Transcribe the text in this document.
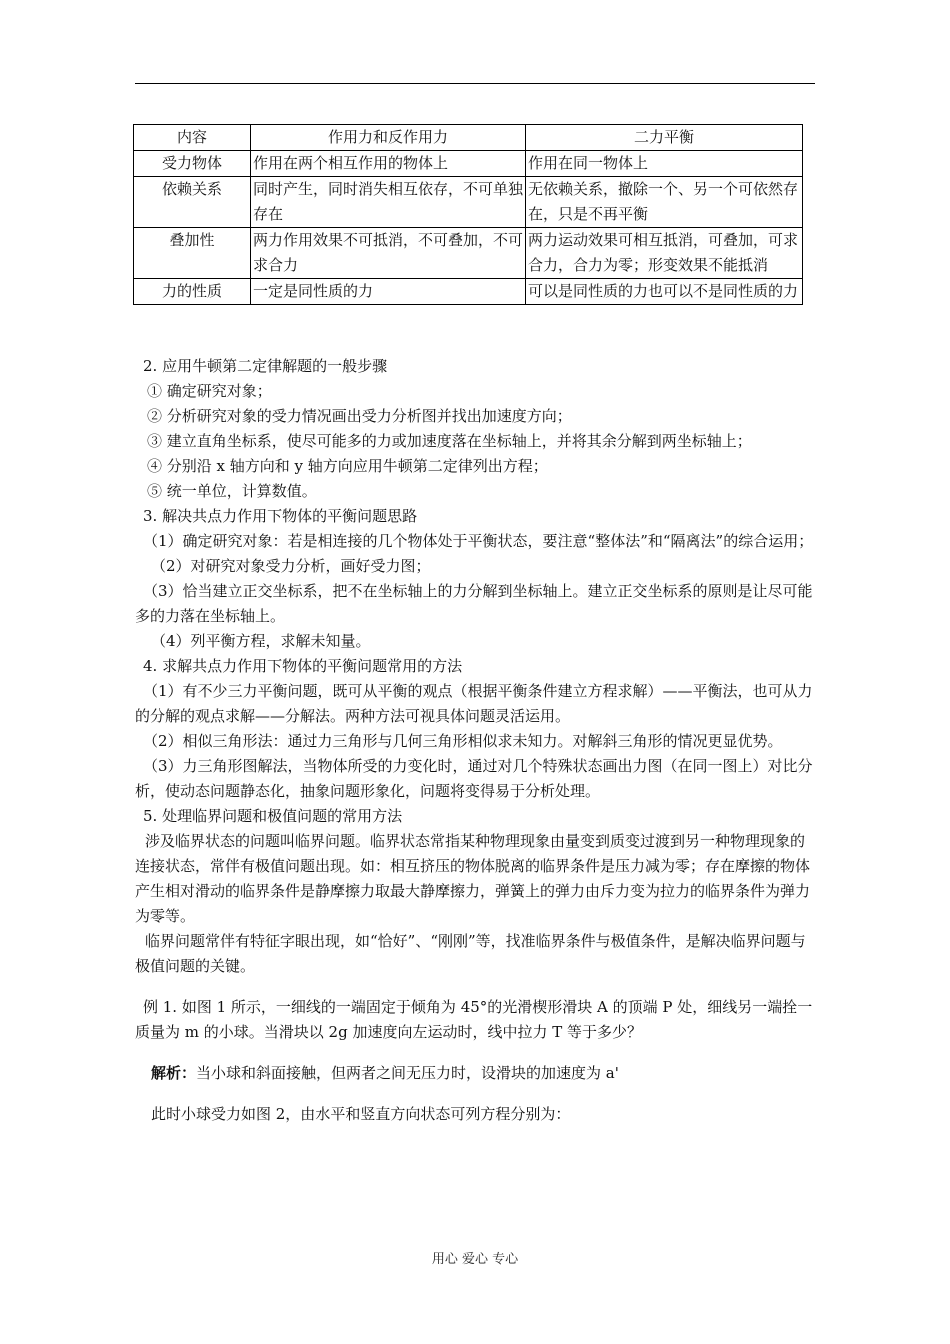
内容	作用力和反作用力	二力平衡
受力物体	作用在两个相互作用的物体上	作用在同一物体上
依赖关系	同时产生，同时消失相互依存，不可单独存在	无依赖关系，撤除一个、另一个可依然存在，只是不再平衡
叠加性	两力作用效果不可抵消，不可叠加，不可求合力	两力运动效果可相互抵消，可叠加，可求合力，合力为零；形变效果不能抵消
力的性质	一定是同性质的力	可以是同性质的力也可以不是同性质的力

2. 应用牛顿第二定律解题的一般步骤

① 确定研究对象；

② 分析研究对象的受力情况画出受力分析图并找出加速度方向；

③ 建立直角坐标系，使尽可能多的力或加速度落在坐标轴上，并将其余分解到两坐标轴上；

④ 分别沿 x 轴方向和 y 轴方向应用牛顿第二定律列出方程；

⑤ 统一单位，计算数值。

3. 解决共点力作用下物体的平衡问题思路

（1）确定研究对象：若是相连接的几个物体处于平衡状态，要注意“整体法”和“隔离法”的综合运用；

（2）对研究对象受力分析，画好受力图；

（3）恰当建立正交坐标系，把不在坐标轴上的力分解到坐标轴上。建立正交坐标系的原则是让尽可能多的力落在坐标轴上。

（4）列平衡方程，求解未知量。

4. 求解共点力作用下物体的平衡问题常用的方法

（1）有不少三力平衡问题，既可从平衡的观点（根据平衡条件建立方程求解）——平衡法，也可从力的分解的观点求解——分解法。两种方法可视具体问题灵活运用。

（2）相似三角形法：通过力三角形与几何三角形相似求未知力。对解斜三角形的情况更显优势。

（3）力三角形图解法，当物体所受的力变化时，通过对几个特殊状态画出力图（在同一图上）对比分析，使动态问题静态化，抽象问题形象化，问题将变得易于分析处理。

5. 处理临界问题和极值问题的常用方法

涉及临界状态的问题叫临界问题。临界状态常指某种物理现象由量变到质变过渡到另一种物理现象的连接状态，常伴有极值问题出现。如：相互挤压的物体脱离的临界条件是压力减为零；存在摩擦的物体产生相对滑动的临界条件是静摩擦力取最大静摩擦力，弹簧上的弹力由斥力变为拉力的临界条件为弹力为零等。

临界问题常伴有特征字眼出现，如“恰好”、“刚刚”等，找准临界条件与极值条件，是解决临界问题与极值问题的关键。

例 1. 如图 1 所示，一细线的一端固定于倾角为 45°的光滑楔形滑块 A 的顶端 P 处，细线另一端拴一质量为 m 的小球。当滑块以 2g 加速度向左运动时，线中拉力 T 等于多少？

解析：当小球和斜面接触，但两者之间无压力时，设滑块的加速度为 a'

此时小球受力如图 2，由水平和竖直方向状态可列方程分别为：

用心 爱心 专心
